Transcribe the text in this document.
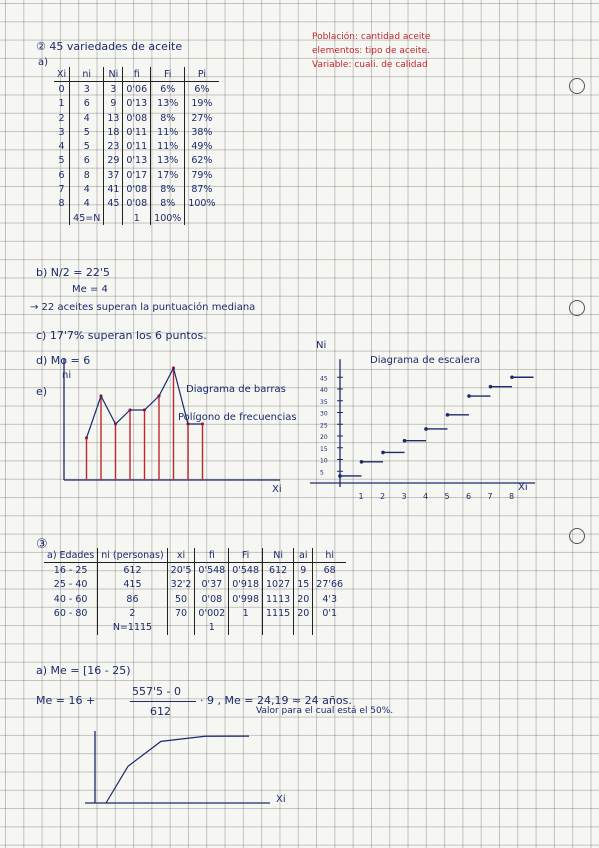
② 45 variedades de aceite
a)
Población: cantidad aceite
elementos: tipo de aceite.
Variable: cuali. de calidad
Xi	ni	Ni	fi	Fi	Pi
0	3	3	0'06	6%	6%
1	6	9	0'13	13%	19%
2	4	13	0'08	8%	27%
3	5	18	0'11	11%	38%
4	5	23	0'11	11%	49%
5	6	29	0'13	13%	62%
6	8	37	0'17	17%	79%
7	4	41	0'08	8%	87%
8	4	45	0'08	8%	100%
	45=N		1	100%	
b) N/2 = 22'5
Me = 4
→ 22 aceites superan la puntuación mediana
c) 17'7% superan los 6 puntos.
d) Mo = 6
e)
5
10
15
20
25
30
35
40
45
1 2 3 4 5 6 7 8
ni
Diagrama de barras
Polígono de frecuencias
Ni
Diagrama de escalera
Xi	Xi
③
a) Edades	ni (personas)	xi	fi	Fi	Ni	ai	hi
16 - 25	612	20'5	0'548	0'548	612	9	68
25 - 40	415	32'2	0'37	0'918	1027	15	27'66
40 - 60	86	50	0'08	0'998	1113	20	4'3
60 - 80	2	70	0'002	1	1115	20	0'1
	N=1115		1				
a) Me = [16 - 25)
Me = 16 +
557'5 - 0
612
· 9 , Me = 24,19 ≈ 24 años.
Valor para el cual está el 50%.
Xi
